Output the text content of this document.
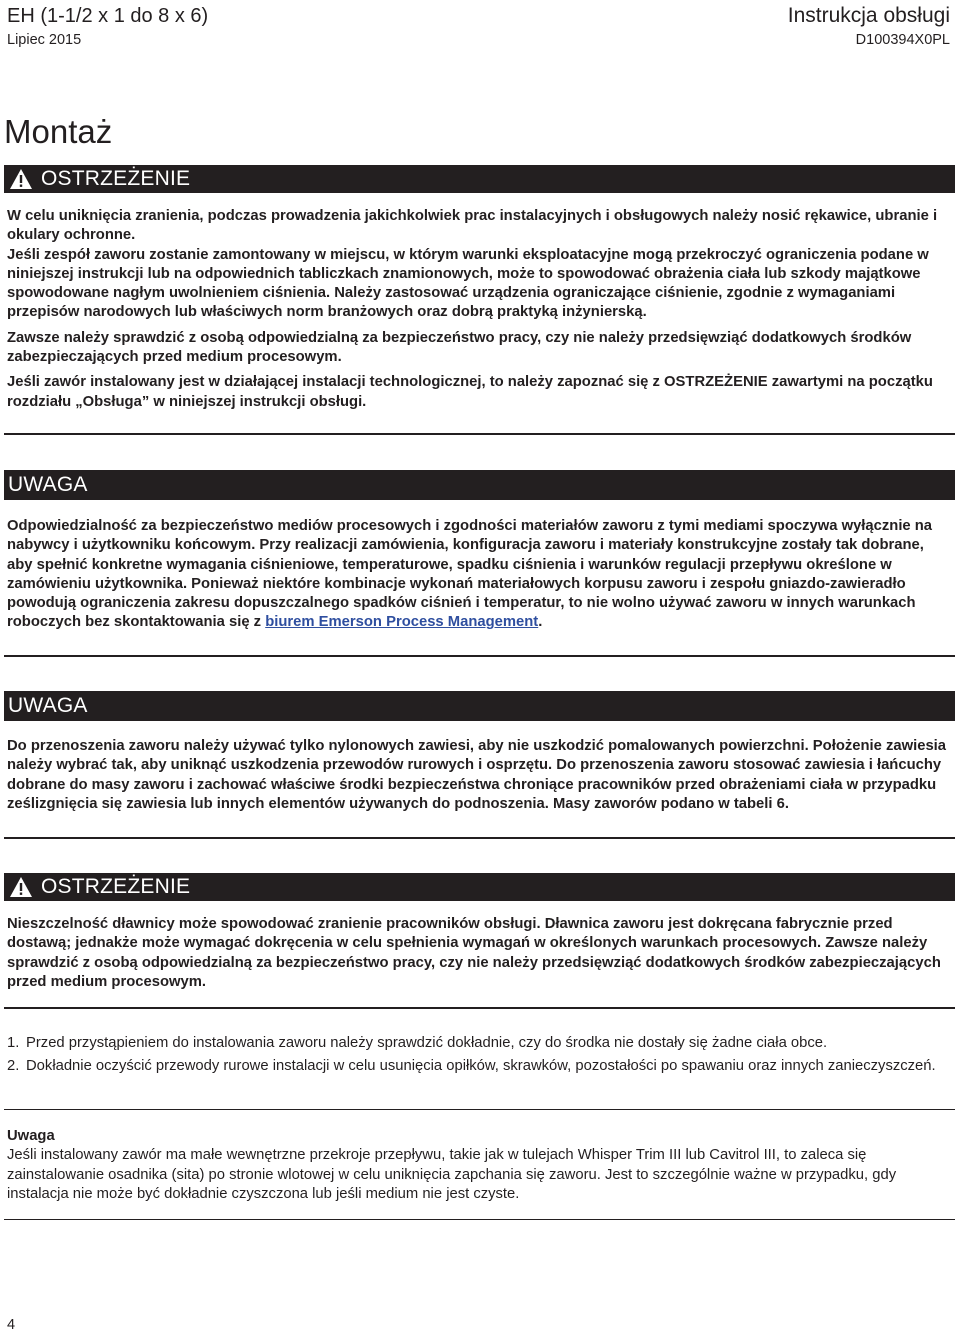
EH (1-1/2 x 1 do 8 x 6)
Lipiec 2015
Instrukcja obsługi
D100394X0PL
Montaż
OSTRZEŻENIE

W celu uniknięcia zranienia, podczas prowadzenia jakichkolwiek prac instalacyjnych i obsługowych należy nosić rękawice, ubranie i okulary ochronne.

Jeśli zespół zaworu zostanie zamontowany w miejscu, w którym warunki eksploatacyjne mogą przekroczyć ograniczenia podane w niniejszej instrukcji lub na odpowiednich tabliczkach znamionowych, może to spowodować obrażenia ciała lub szkody majątkowe spowodowane nagłym uwolnieniem ciśnienia. Należy zastosować urządzenia ograniczające ciśnienie, zgodnie z wymaganiami przepisów narodowych lub właściwych norm branżowych oraz dobrą praktyką inżynierską.

Zawsze należy sprawdzić z osobą odpowiedzialną za bezpieczeństwo pracy, czy nie należy przedsięwziąć dodatkowych środków zabezpieczających przed medium procesowym.

Jeśli zawór instalowany jest w działającej instalacji technologicznej, to należy zapoznać się z OSTRZEŻENIE zawartymi na początku rozdziału „Obsługa” w niniejszej instrukcji obsługi.

UWAGA

Odpowiedzialność za bezpieczeństwo mediów procesowych i zgodności materiałów zaworu z tymi mediami spoczywa wyłącznie na nabywcy i użytkowniku końcowym. Przy realizacji zamówienia, konfiguracja zaworu i materiały konstrukcyjne zostały tak dobrane, aby spełnić konkretne wymagania ciśnieniowe, temperaturowe, spadku ciśnienia i warunków regulacji przepływu określone w zamówieniu użytkownika. Ponieważ niektóre kombinacje wykonań materiałowych korpusu zaworu i zespołu gniazdo-zawieradło powodują ograniczenia zakresu dopuszczalnego spadków ciśnień i temperatur, to nie wolno używać zaworu w innych warunkach roboczych bez skontaktowania się z biurem Emerson Process Management.

UWAGA

Do przenoszenia zaworu należy używać tylko nylonowych zawiesi, aby nie uszkodzić pomalowanych powierzchni. Położenie zawiesia należy wybrać tak, aby uniknąć uszkodzenia przewodów rurowych i osprzętu. Do przenoszenia zaworu stosować zawiesia i łańcuchy dobrane do masy zaworu i zachować właściwe środki bezpieczeństwa chroniące pracowników przed obrażeniami ciała w przypadku ześlizgnięcia się zawiesia lub innych elementów używanych do podnoszenia. Masy zaworów podano w tabeli 6.

OSTRZEŻENIE

Nieszczelność dławnicy może spowodować zranienie pracowników obsługi. Dławnica zaworu jest dokręcana fabrycznie przed dostawą; jednakże może wymagać dokręcenia w celu spełnienia wymagań w określonych warunkach procesowych. Zawsze należy sprawdzić z osobą odpowiedzialną za bezpieczeństwo pracy, czy nie należy przedsięwziąć dodatkowych środków zabezpieczających przed medium procesowym.

1. Przed przystąpieniem do instalowania zaworu należy sprawdzić dokładnie, czy do środka nie dostały się żadne ciała obce.
2. Dokładnie oczyścić przewody rurowe instalacji w celu usunięcia opiłków, skrawków, pozostałości po spawaniu oraz innych zanieczyszczeń.

Uwaga

Jeśli instalowany zawór ma małe wewnętrzne przekroje przepływu, takie jak w tulejach Whisper Trim III lub Cavitrol III, to zaleca się zainstalowanie osadnika (sita) po stronie wlotowej w celu uniknięcia zapchania się zaworu. Jest to szczególnie ważne w przypadku, gdy instalacja nie może być dokładnie czyszczona lub jeśli medium nie jest czyste.

4
